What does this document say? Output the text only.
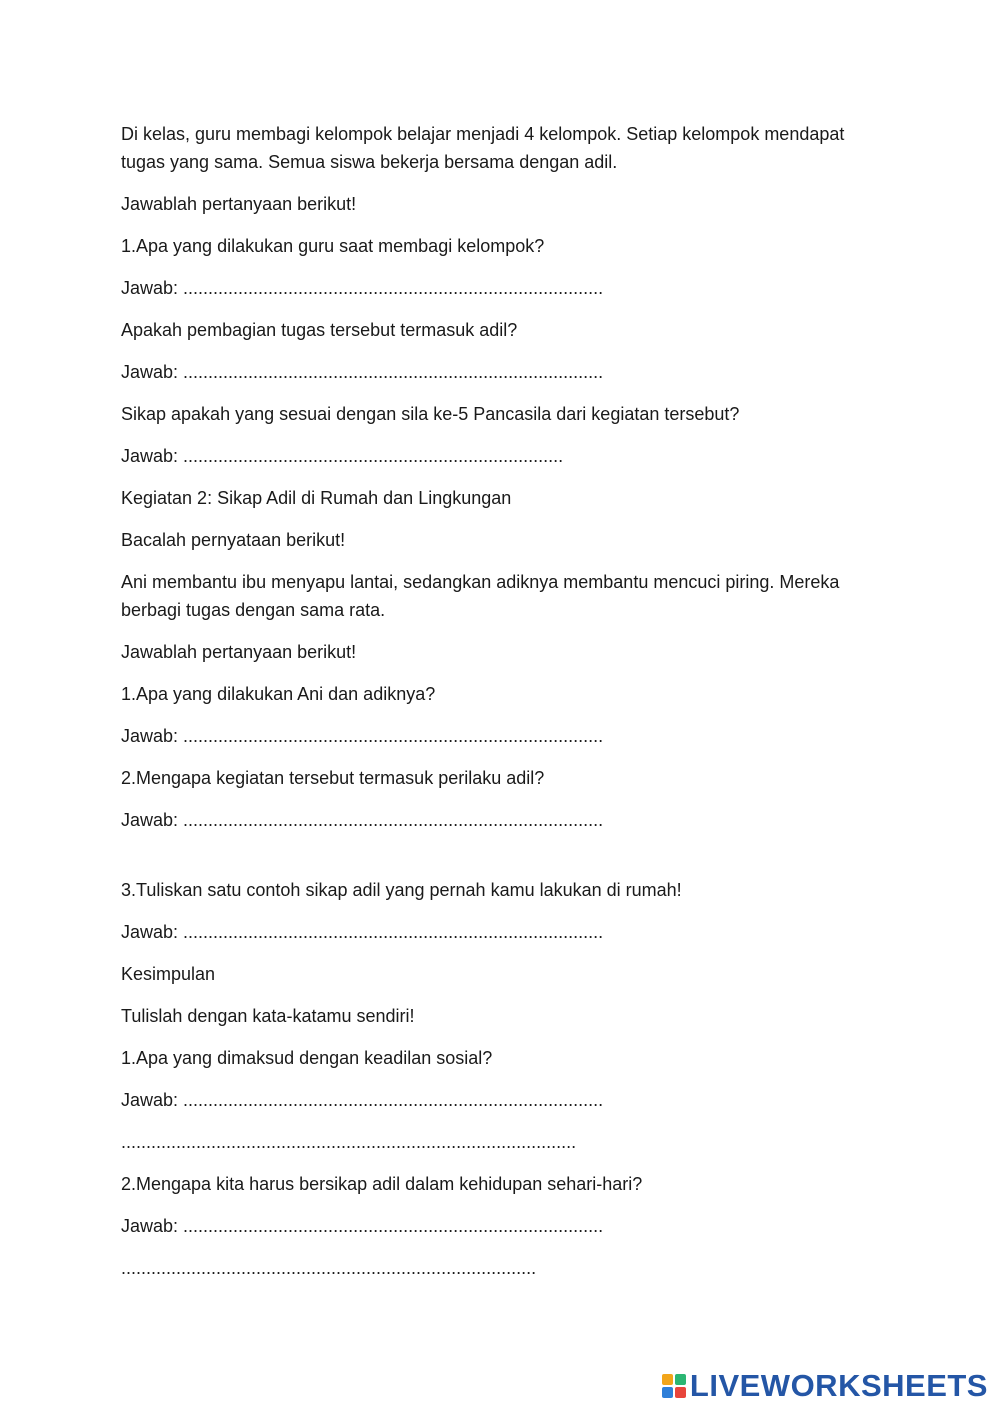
Di kelas, guru membagi kelompok belajar menjadi 4 kelompok. Setiap kelompok mendapat tugas yang sama. Semua siswa bekerja bersama dengan adil.

Jawablah pertanyaan berikut!

1.Apa yang dilakukan guru saat membagi kelompok?

Jawab: ....................................................................................

Apakah pembagian tugas tersebut termasuk adil?

Jawab: ....................................................................................

Sikap apakah yang sesuai dengan sila ke-5 Pancasila dari kegiatan tersebut?

Jawab: ............................................................................

Kegiatan 2: Sikap Adil di Rumah dan Lingkungan

Bacalah pernyataan berikut!

Ani membantu ibu menyapu lantai, sedangkan adiknya membantu mencuci piring. Mereka berbagi tugas dengan sama rata.

Jawablah pertanyaan berikut!

1.Apa yang dilakukan Ani dan adiknya?

Jawab: ....................................................................................

2.Mengapa kegiatan tersebut termasuk perilaku adil?

Jawab: ....................................................................................

3.Tuliskan satu contoh sikap adil yang pernah kamu lakukan di rumah!

Jawab: ....................................................................................

Kesimpulan

Tulislah dengan kata-katamu sendiri!

1.Apa yang dimaksud dengan keadilan sosial?

Jawab: ....................................................................................

...........................................................................................

2.Mengapa kita harus bersikap adil dalam kehidupan sehari-hari?

Jawab: ....................................................................................

...................................................................................

LIVEWORKSHEETS
